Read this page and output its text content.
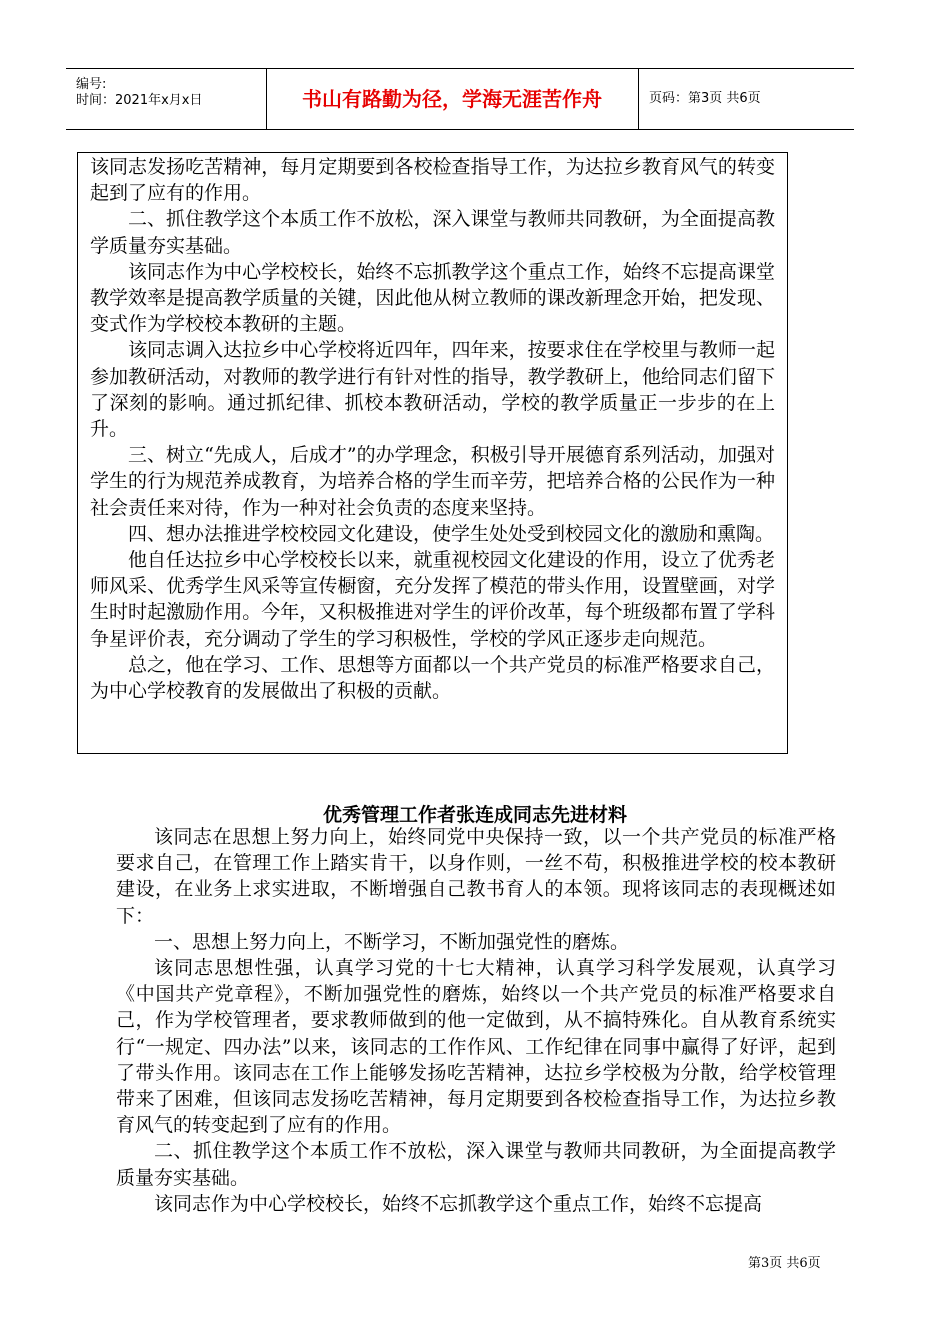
编号:
时间：2021年x月x日	书山有路勤为径，学海无涯苦作舟	页码：第3页 共6页

该同志发扬吃苦精神，每月定期要到各校检查指导工作，为达拉乡教育风气的转变起到了应有的作用。

二、抓住教学这个本质工作不放松，深入课堂与教师共同教研，为全面提高教学质量夯实基础。

该同志作为中心学校校长，始终不忘抓教学这个重点工作，始终不忘提高课堂教学效率是提高教学质量的关键，因此他从树立教师的课改新理念开始，把发现、变式作为学校校本教研的主题。

该同志调入达拉乡中心学校将近四年，四年来，按要求住在学校里与教师一起参加教研活动，对教师的教学进行有针对性的指导，教学教研上，他给同志们留下了深刻的影响。通过抓纪律、抓校本教研活动，学校的教学质量正一步步的在上升。

三、树立“先成人，后成才”的办学理念，积极引导开展德育系列活动，加强对学生的行为规范养成教育，为培养合格的学生而辛劳，把培养合格的公民作为一种社会责任来对待，作为一种对社会负责的态度来坚持。

四、想办法推进学校校园文化建设，使学生处处受到校园文化的激励和熏陶。

他自任达拉乡中心学校校长以来，就重视校园文化建设的作用，设立了优秀老师风采、优秀学生风采等宣传橱窗，充分发挥了模范的带头作用，设置壁画，对学生时时起激励作用。今年，又积极推进对学生的评价改革，每个班级都布置了学科争星评价表，充分调动了学生的学习积极性，学校的学风正逐步走向规范。

总之，他在学习、工作、思想等方面都以一个共产党员的标准严格要求自己，为中心学校教育的发展做出了积极的贡献。

优秀管理工作者张连成同志先进材料

该同志在思想上努力向上，始终同党中央保持一致，以一个共产党员的标准严格要求自己，在管理工作上踏实肯干，以身作则，一丝不苟，积极推进学校的校本教研建设，在业务上求实进取，不断增强自己教书育人的本领。现将该同志的表现概述如下：

一、思想上努力向上，不断学习，不断加强党性的磨炼。

该同志思想性强，认真学习党的十七大精神，认真学习科学发展观，认真学习《中国共产党章程》，不断加强党性的磨炼，始终以一个共产党员的标准严格要求自己，作为学校管理者，要求教师做到的他一定做到，从不搞特殊化。自从教育系统实行“一规定、四办法”以来，该同志的工作作风、工作纪律在同事中赢得了好评，起到了带头作用。该同志在工作上能够发扬吃苦精神，达拉乡学校极为分散，给学校管理带来了困难，但该同志发扬吃苦精神，每月定期要到各校检查指导工作，为达拉乡教育风气的转变起到了应有的作用。

二、抓住教学这个本质工作不放松，深入课堂与教师共同教研，为全面提高教学质量夯实基础。

该同志作为中心学校校长，始终不忘抓教学这个重点工作，始终不忘提高

第3页 共6页
